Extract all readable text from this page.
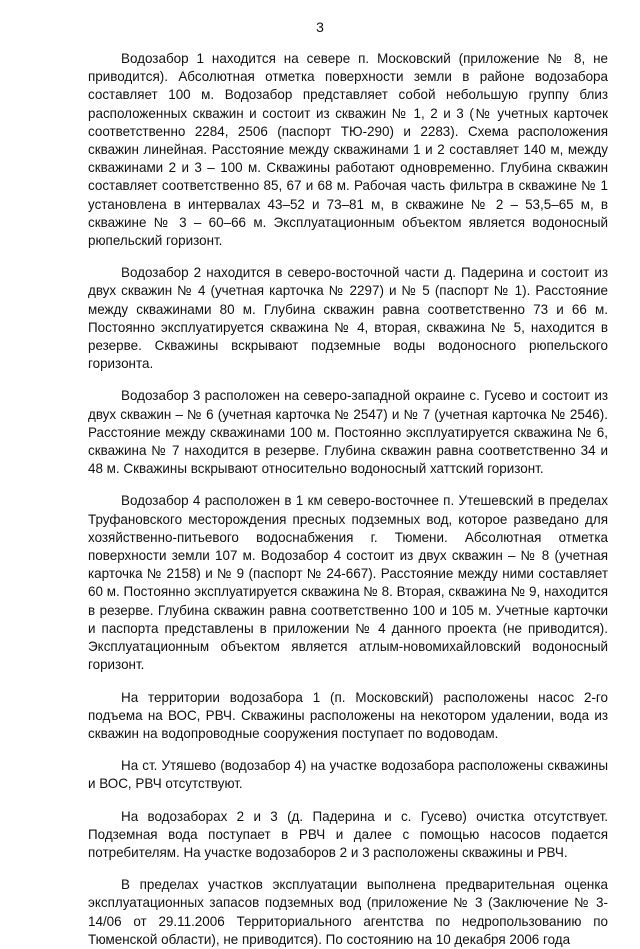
3

Водозабор 1 находится на севере п. Московский (приложение № 8, не приводится). Абсолютная отметка поверхности земли в районе водозабора составляет 100 м. Водозабор представляет собой небольшую группу близ расположенных скважин и состоит из скважин № 1, 2 и 3 (№ учетных карточек соответственно 2284, 2506 (паспорт ТЮ-290) и 2283). Схема расположения скважин линейная. Расстояние между скважинами 1 и 2 составляет 140 м, между скважинами 2 и 3 – 100 м. Скважины работают одновременно. Глубина скважин составляет соответственно 85, 67 и 68 м. Рабочая часть фильтра в скважине № 1 установлена в интервалах 43–52 и 73–81 м, в скважине № 2 – 53,5–65 м, в скважине № 3 – 60–66 м. Эксплуатационным объектом является водоносный рюпельский горизонт.

Водозабор 2 находится в северо-восточной части д. Падерина и состоит из двух скважин № 4 (учетная карточка № 2297) и № 5 (паспорт № 1). Расстояние между скважинами 80 м. Глубина скважин равна соответственно 73 и 66 м. Постоянно эксплуатируется скважина № 4, вторая, скважина № 5, находится в резерве. Скважины вскрывают подземные воды водоносного рюпельского горизонта.

Водозабор 3 расположен на северо-западной окраине с. Гусево и состоит из двух скважин – № 6 (учетная карточка № 2547) и № 7 (учетная карточка № 2546). Расстояние между скважинами 100 м. Постоянно эксплуатируется скважина № 6, скважина № 7 находится в резерве. Глубина скважин равна соответственно 34 и 48 м. Скважины вскрывают относительно водоносный хаттский горизонт.

Водозабор 4 расположен в 1 км северо-восточнее п. Утешевский в пределах Труфановского месторождения пресных подземных вод, которое разведано для хозяйственно-питьевого водоснабжения г. Тюмени. Абсолютная отметка поверхности земли 107 м. Водозабор 4 состоит из двух скважин – № 8 (учетная карточка № 2158) и № 9 (паспорт № 24-667). Расстояние между ними составляет 60 м. Постоянно эксплуатируется скважина № 8. Вторая, скважина № 9, находится в резерве. Глубина скважин равна соответственно 100 и 105 м. Учетные карточки и паспорта представлены в приложении № 4 данного проекта (не приводится). Эксплуатационным объектом является атлым-новомихайловский водоносный горизонт.

На территории водозабора 1 (п. Московский) расположены насос 2-го подъема на ВОС, РВЧ. Скважины расположены на некотором удалении, вода из скважин на водопроводные сооружения поступает по водоводам.

На ст. Утяшево (водозабор 4) на участке водозабора расположены скважины и ВОС, РВЧ отсутствуют.

На водозаборах 2 и 3 (д. Падерина и с. Гусево) очистка отсутствует. Подземная вода поступает в РВЧ и далее с помощью насосов подается потребителям. На участке водозаборов 2 и 3 расположены скважины и РВЧ.

В пределах участков эксплуатации выполнена предварительная оценка эксплуатационных запасов подземных вод (приложение № 3 (Заключение № 3-14/06 от 29.11.2006 Территориального агентства по недропользованию по Тюменской области), не приводится). По состоянию на 10 декабря 2006 года
